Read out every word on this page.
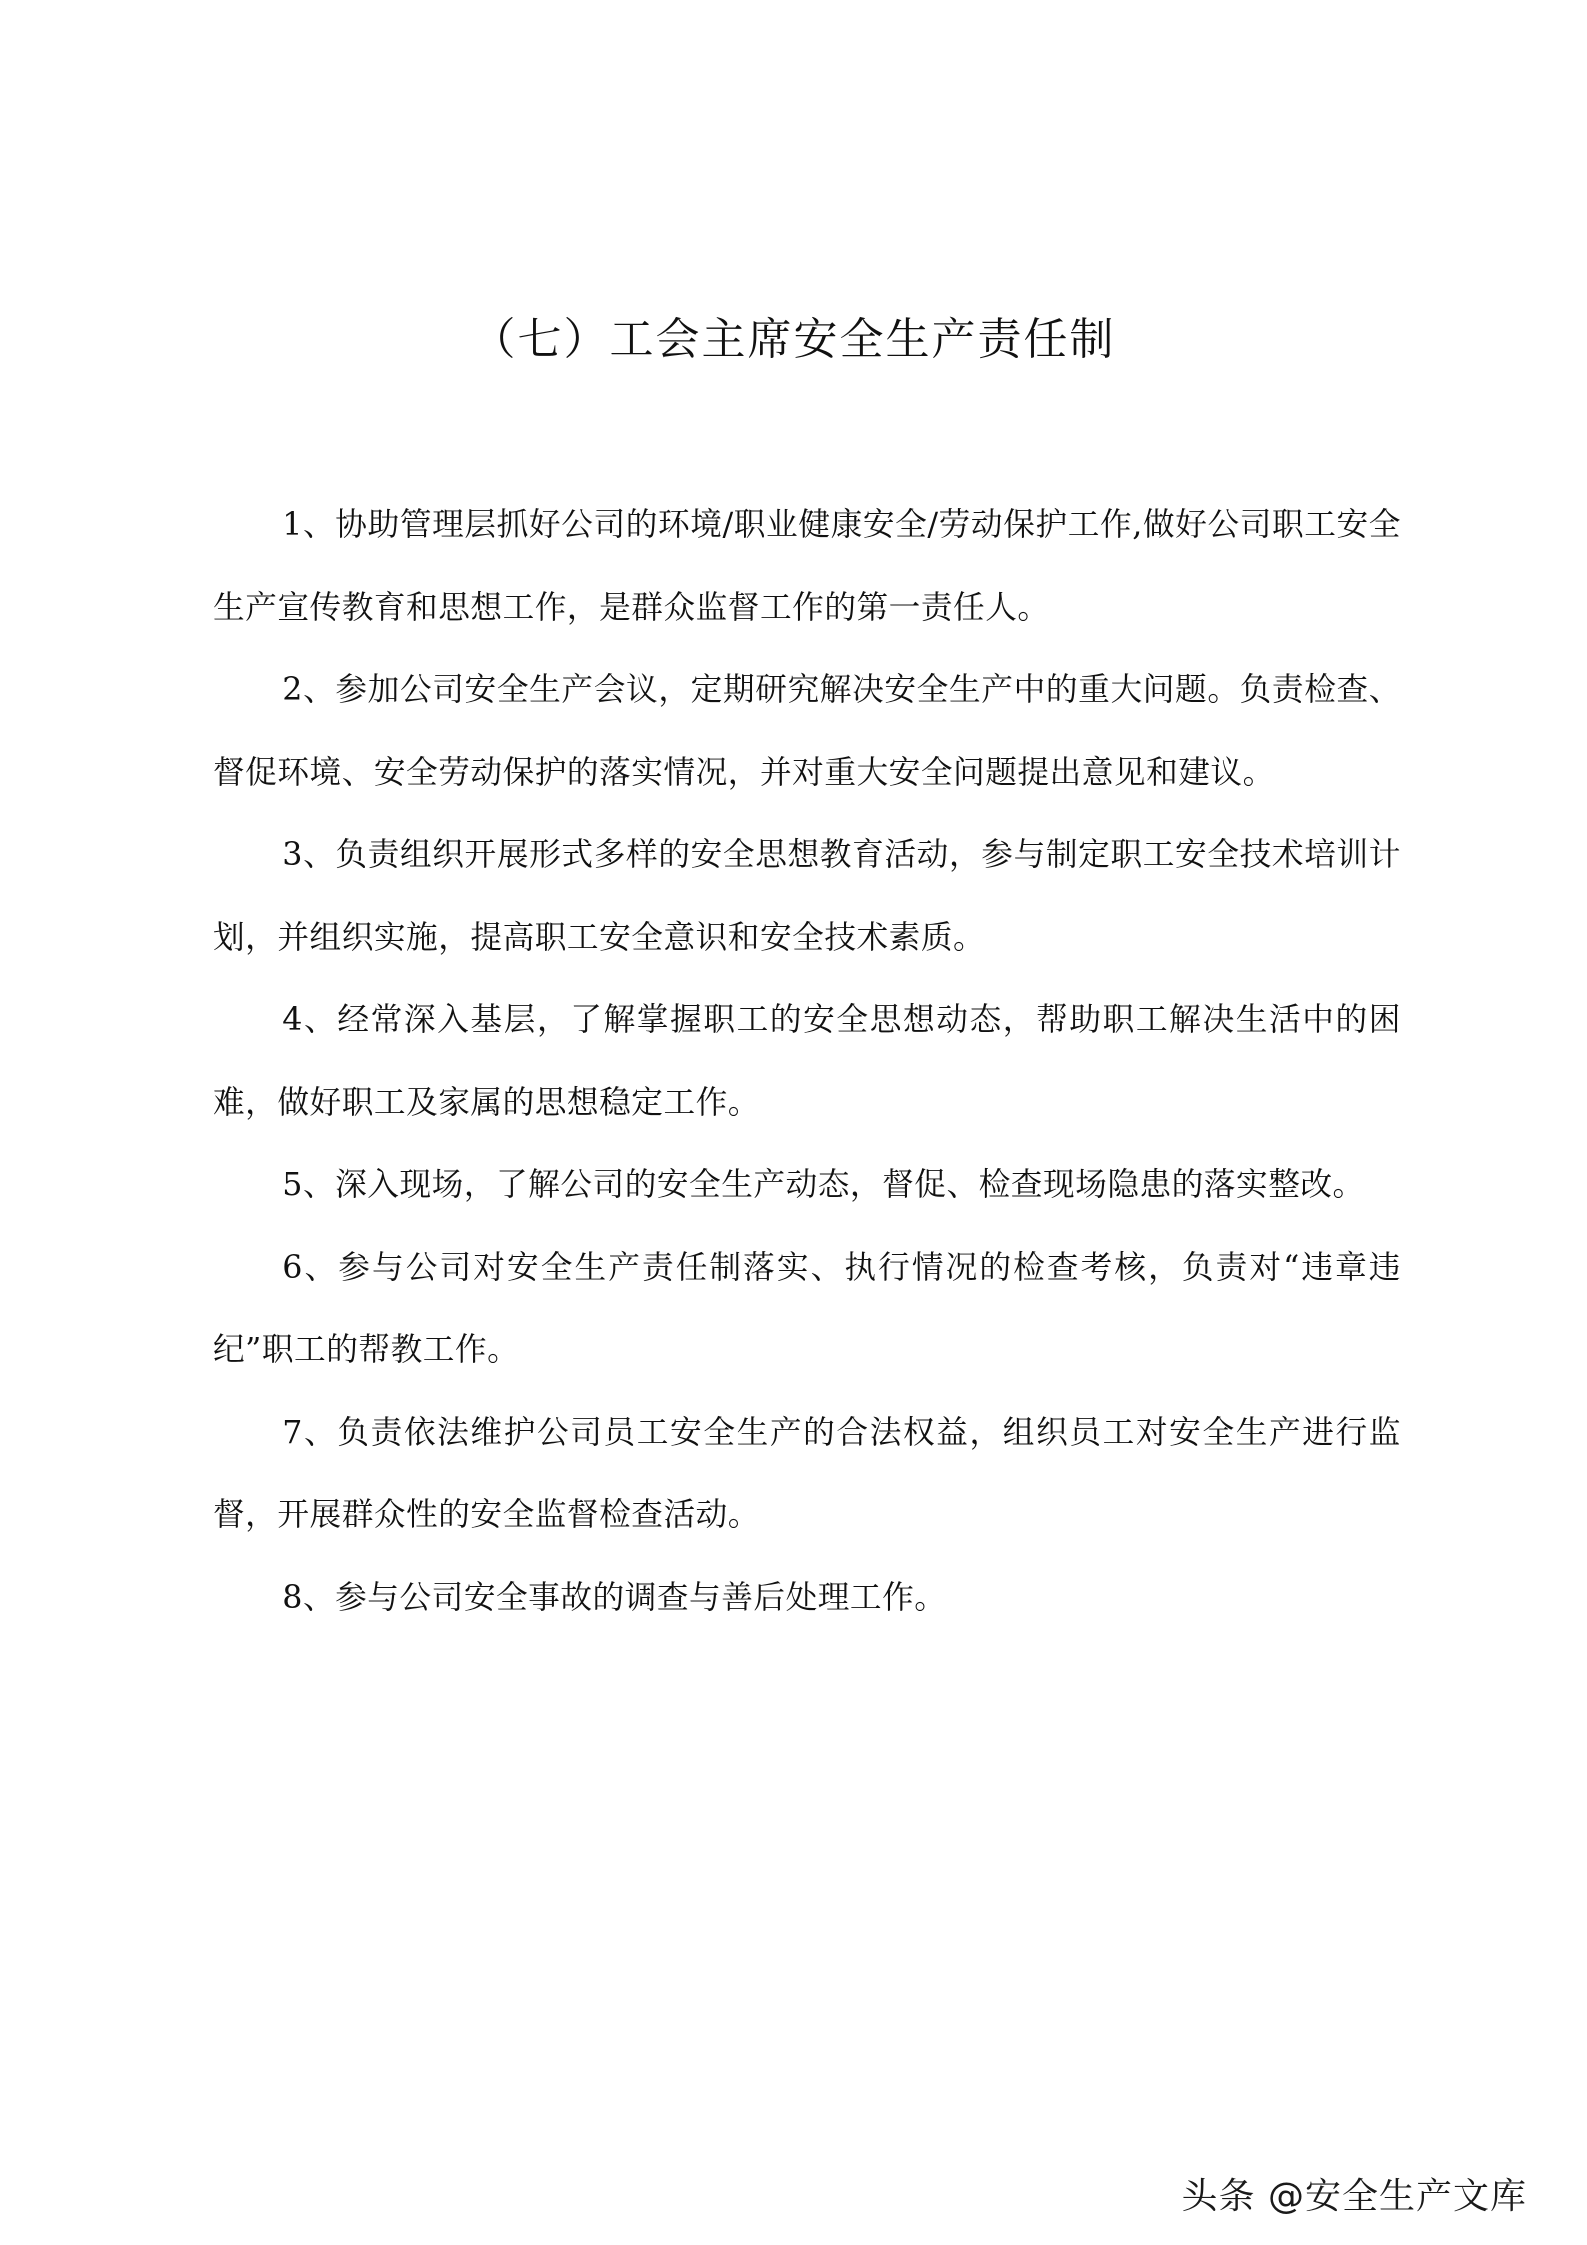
（七）工会主席安全生产责任制

1、协助管理层抓好公司的环境/职业健康安全/劳动保护工作,做好公司职工安全生产宣传教育和思想工作，是群众监督工作的第一责任人。

2、参加公司安全生产会议，定期研究解决安全生产中的重大问题。负责检查、督促环境、安全劳动保护的落实情况，并对重大安全问题提出意见和建议。

3、负责组织开展形式多样的安全思想教育活动，参与制定职工安全技术培训计划，并组织实施，提高职工安全意识和安全技术素质。

4、经常深入基层，了解掌握职工的安全思想动态，帮助职工解决生活中的困难，做好职工及家属的思想稳定工作。

5、深入现场，了解公司的安全生产动态，督促、检查现场隐患的落实整改。

6、参与公司对安全生产责任制落实、执行情况的检查考核，负责对“违章违纪”职工的帮教工作。

7、负责依法维护公司员工安全生产的合法权益，组织员工对安全生产进行监督，开展群众性的安全监督检查活动。

8、参与公司安全事故的调查与善后处理工作。

头条 @安全生产文库
